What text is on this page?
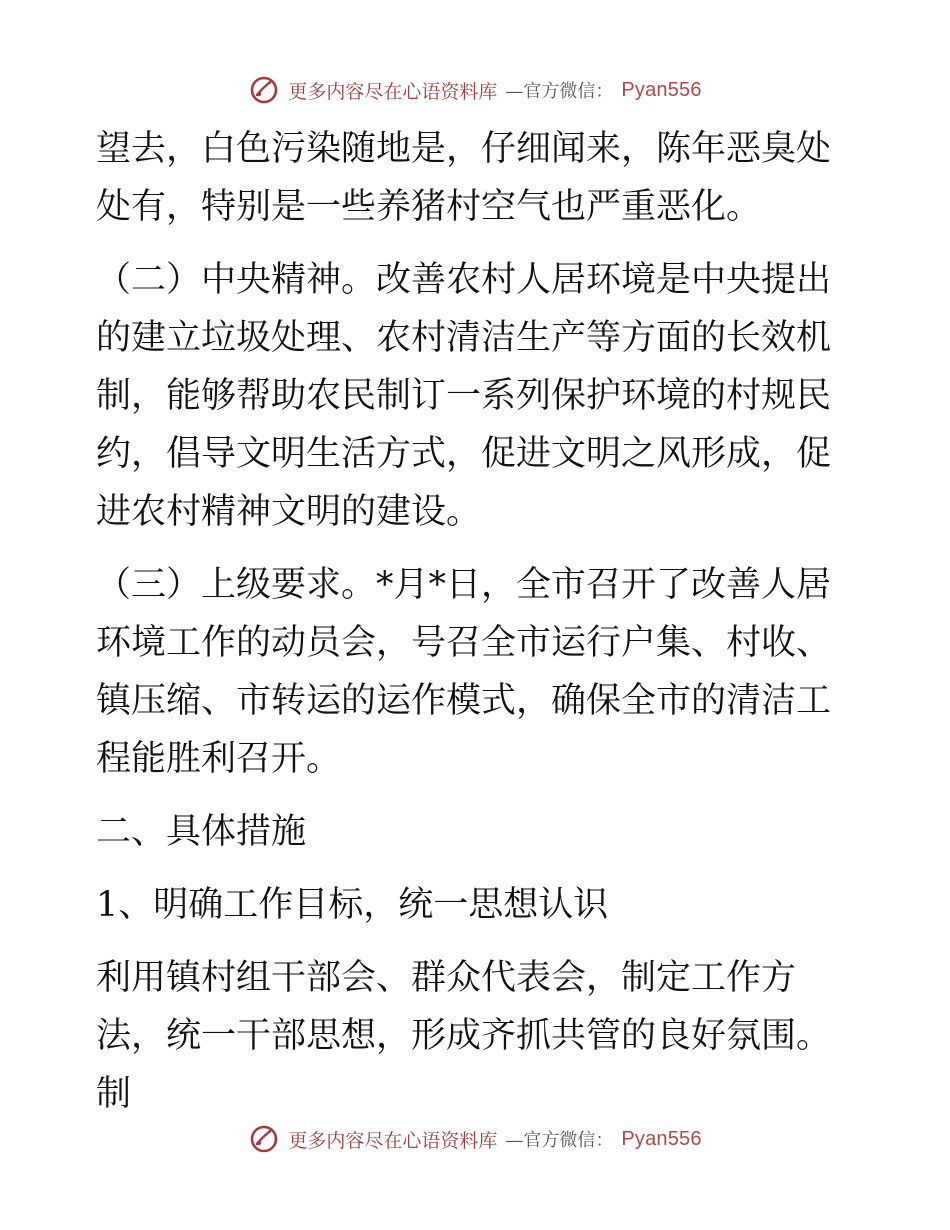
更多内容尽在心语资料库 —官方微信： Pyan556

望去，白色污染随地是，仔细闻来，陈年恶臭处处有，特别是一些养猪村空气也严重恶化。

（二）中央精神。改善农村人居环境是中央提出的建立垃圾处理、农村清洁生产等方面的长效机制，能够帮助农民制订一系列保护环境的村规民约，倡导文明生活方式，促进文明之风形成，促进农村精神文明的建设。

（三）上级要求。*月*日，全市召开了改善人居环境工作的动员会，号召全市运行户集、村收、镇压缩、市转运的运作模式，确保全市的清洁工程能胜利召开。

二、具体措施

1、明确工作目标，统一思想认识

利用镇村组干部会、群众代表会，制定工作方法，统一干部思想，形成齐抓共管的良好氛围。制

更多内容尽在心语资料库 —官方微信： Pyan556
